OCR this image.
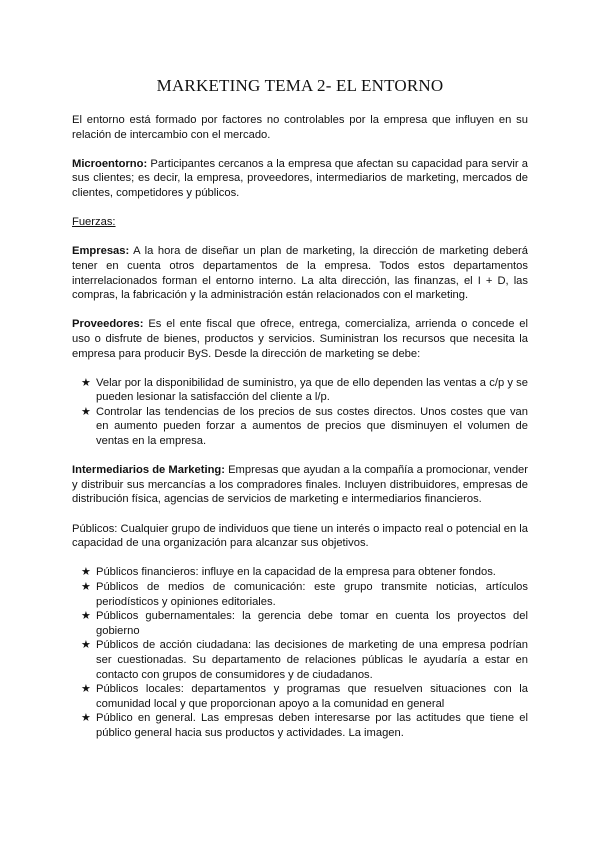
MARKETING TEMA 2- EL ENTORNO

El entorno está formado por factores no controlables por la empresa que influyen en su relación de intercambio con el mercado.

Microentorno: Participantes cercanos a la empresa que afectan su capacidad para servir a sus clientes; es decir, la empresa, proveedores, intermediarios de marketing, mercados de clientes, competidores y públicos.

Fuerzas:

Empresas: A la hora de diseñar un plan de marketing, la dirección de marketing deberá tener en cuenta otros departamentos de la empresa. Todos estos departamentos interrelacionados forman el entorno interno. La alta dirección, las finanzas, el I + D, las compras, la fabricación y la administración están relacionados con el marketing.

Proveedores: Es el ente fiscal que ofrece, entrega, comercializa, arrienda o concede el uso o disfrute de bienes, productos y servicios. Suministran los recursos que necesita la empresa para producir ByS. Desde la dirección de marketing se debe:

★ Velar por la disponibilidad de suministro, ya que de ello dependen las ventas a c/p y se pueden lesionar la satisfacción del cliente a l/p.
★ Controlar las tendencias de los precios de sus costes directos. Unos costes que van en aumento pueden forzar a aumentos de precios que disminuyen el volumen de ventas en la empresa.

Intermediarios de Marketing: Empresas que ayudan a la compañía a promocionar, vender y distribuir sus mercancías a los compradores finales. Incluyen distribuidores, empresas de distribución física, agencias de servicios de marketing e intermediarios financieros.

Públicos: Cualquier grupo de individuos que tiene un interés o impacto real o potencial en la capacidad de una organización para alcanzar sus objetivos.

★ Públicos financieros: influye en la capacidad de la empresa para obtener fondos.
★ Públicos de medios de comunicación: este grupo transmite noticias, artículos periodísticos y opiniones editoriales.
★ Públicos gubernamentales: la gerencia debe tomar en cuenta los proyectos del gobierno
★ Públicos de acción ciudadana: las decisiones de marketing de una empresa podrían ser cuestionadas. Su departamento de relaciones públicas le ayudaría a estar en contacto con grupos de consumidores y de ciudadanos.
★ Públicos locales: departamentos y programas que resuelven situaciones con la comunidad local y que proporcionan apoyo a la comunidad en general
★ Público en general. Las empresas deben interesarse por las actitudes que tiene el público general hacia sus productos y actividades. La imagen.
